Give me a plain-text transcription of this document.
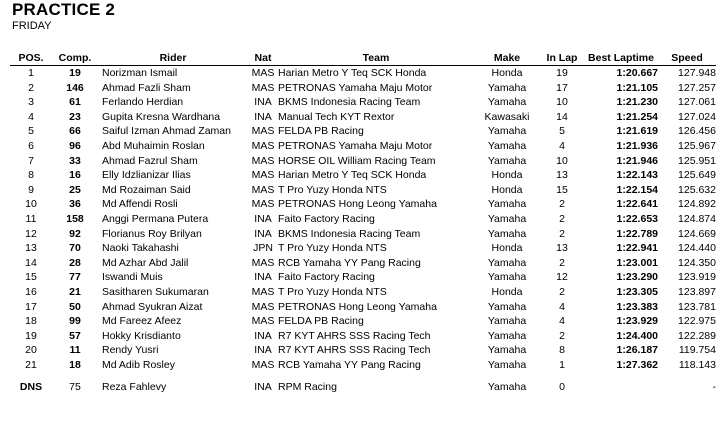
PRACTICE 2
FRIDAY
POS.	Comp.	Rider	Nat	Team	Make	In Lap	Best Laptime	Speed
1	19	Norizman Ismail	MAS	Harian Metro Y Teq SCK Honda	Honda	19	1:20.667	127.948
2	146	Ahmad Fazli Sham	MAS	PETRONAS Yamaha Maju Motor	Yamaha	17	1:21.105	127.257
3	61	Ferlando Herdian	INA	BKMS Indonesia Racing Team	Yamaha	10	1:21.230	127.061
4	23	Gupita Kresna Wardhana	INA	Manual Tech KYT Rextor	Kawasaki	14	1:21.254	127.024
5	66	Saiful Izman Ahmad Zaman	MAS	FELDA PB Racing	Yamaha	5	1:21.619	126.456
6	96	Abd Muhaimin Roslan	MAS	PETRONAS Yamaha Maju Motor	Yamaha	4	1:21.936	125.967
7	33	Ahmad Fazrul Sham	MAS	HORSE OIL William Racing Team	Yamaha	10	1:21.946	125.951
8	16	Elly Idzlianizar Ilias	MAS	Harian Metro Y Teq SCK Honda	Honda	13	1:22.143	125.649
9	25	Md Rozaiman Said	MAS	T Pro Yuzy Honda NTS	Honda	15	1:22.154	125.632
10	36	Md Affendi Rosli	MAS	PETRONAS Hong Leong Yamaha	Yamaha	2	1:22.641	124.892
11	158	Anggi Permana Putera	INA	Faito Factory Racing	Yamaha	2	1:22.653	124.874
12	92	Florianus Roy Brilyan	INA	BKMS Indonesia Racing Team	Yamaha	2	1:22.789	124.669
13	70	Naoki Takahashi	JPN	T Pro Yuzy Honda NTS	Honda	13	1:22.941	124.440
14	28	Md Azhar Abd Jalil	MAS	RCB Yamaha YY Pang Racing	Yamaha	2	1:23.001	124.350
15	77	Iswandi Muis	INA	Faito Factory Racing	Yamaha	12	1:23.290	123.919
16	21	Sasitharen Sukumaran	MAS	T Pro Yuzy Honda NTS	Honda	2	1:23.305	123.897
17	50	Ahmad Syukran Aizat	MAS	PETRONAS Hong Leong Yamaha	Yamaha	4	1:23.383	123.781
18	99	Md Fareez Afeez	MAS	FELDA PB Racing	Yamaha	4	1:23.929	122.975
19	57	Hokky Krisdianto	INA	R7 KYT AHRS SSS Racing Tech	Yamaha	2	1:24.400	122.289
20	11	Rendy Yusri	INA	R7 KYT AHRS SSS Racing Tech	Yamaha	8	1:26.187	119.754
21	18	Md Adib Rosley	MAS	RCB Yamaha YY Pang Racing	Yamaha	1	1:27.362	118.143

DNS	75	Reza Fahlevy	INA	RPM Racing	Yamaha	0		-
